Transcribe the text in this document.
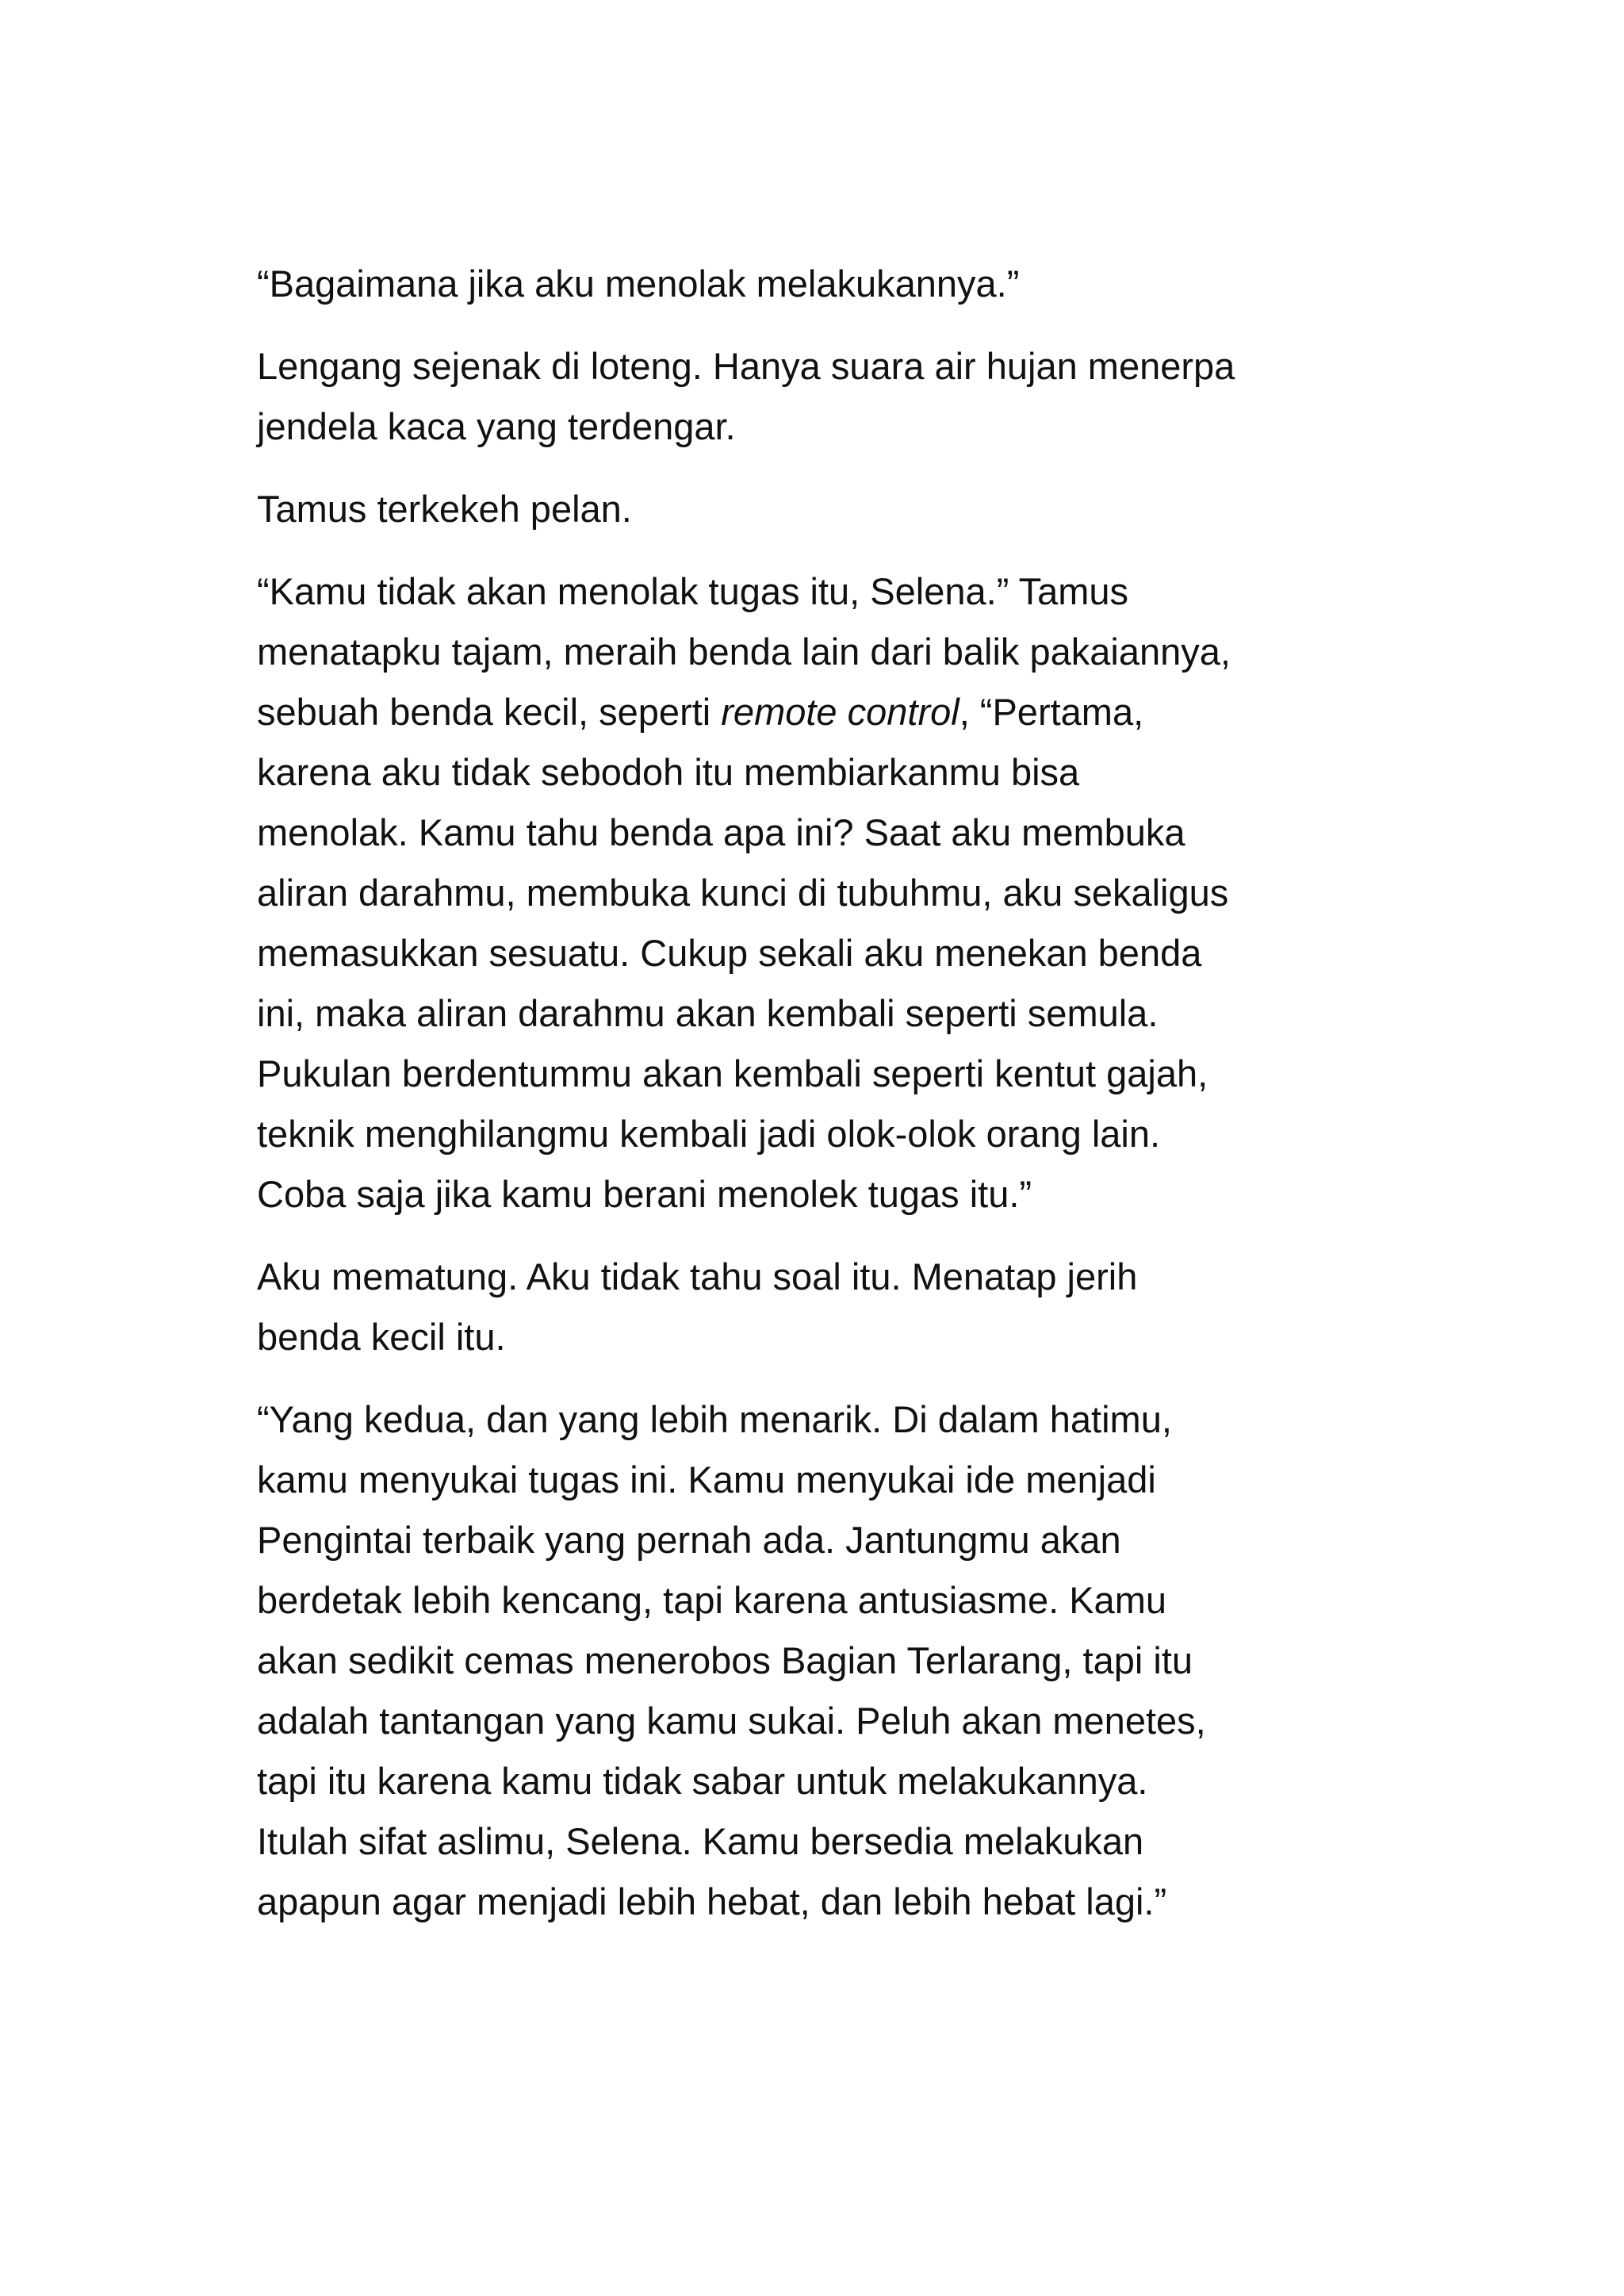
“Bagaimana jika aku menolak melakukannya.”

Lengang sejenak di loteng. Hanya suara air hujan menerpa
jendela kaca yang terdengar.

Tamus terkekeh pelan.

“Kamu tidak akan menolak tugas itu, Selena.” Tamus
menatapku tajam, meraih benda lain dari balik pakaiannya,
sebuah benda kecil, seperti remote control, “Pertama,
karena aku tidak sebodoh itu membiarkanmu bisa
menolak. Kamu tahu benda apa ini? Saat aku membuka
aliran darahmu, membuka kunci di tubuhmu, aku sekaligus
memasukkan sesuatu. Cukup sekali aku menekan benda
ini, maka aliran darahmu akan kembali seperti semula.
Pukulan berdentummu akan kembali seperti kentut gajah,
teknik menghilangmu kembali jadi olok-olok orang lain.
Coba saja jika kamu berani menolek tugas itu.”

Aku mematung. Aku tidak tahu soal itu. Menatap jerih
benda kecil itu.

“Yang kedua, dan yang lebih menarik. Di dalam hatimu,
kamu menyukai tugas ini. Kamu menyukai ide menjadi
Pengintai terbaik yang pernah ada. Jantungmu akan
berdetak lebih kencang, tapi karena antusiasme. Kamu
akan sedikit cemas menerobos Bagian Terlarang, tapi itu
adalah tantangan yang kamu sukai. Peluh akan menetes,
tapi itu karena kamu tidak sabar untuk melakukannya.
Itulah sifat aslimu, Selena. Kamu bersedia melakukan
apapun agar menjadi lebih hebat, dan lebih hebat lagi.”
